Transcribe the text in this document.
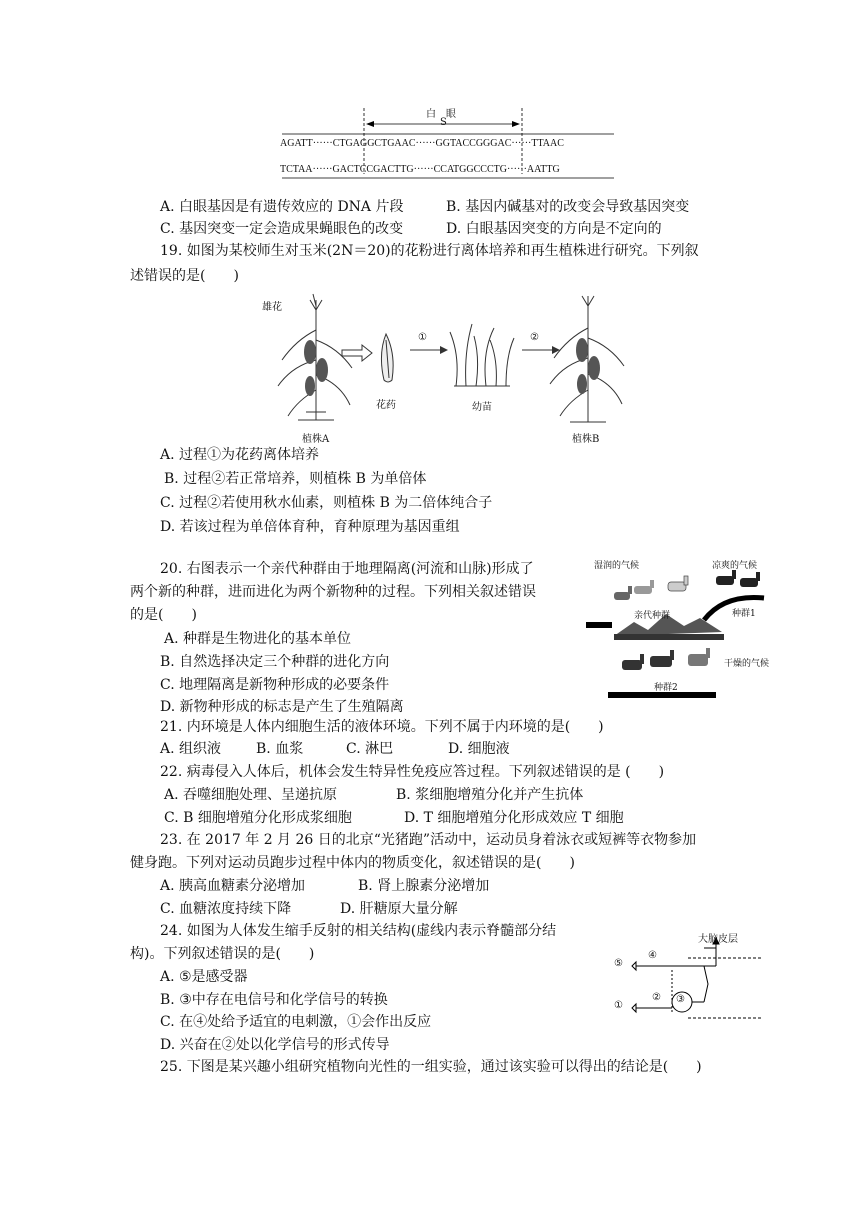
白　眼
S
AGATT······CTGAGGCTGAAC······GGTACCGGGAC······TTAAC
TCTAA······GACTCCGACTTG······CCATGGCCCTG······AATTG
A. 白眼基因是有遗传效应的 DNA 片段	B. 基因内碱基对的改变会导致基因突变
C. 基因突变一定会造成果蝇眼色的改变	D. 白眼基因突变的方向是不定向的
19. 如图为某校师生对玉米(2N＝20)的花粉进行离体培养和再生植株进行研究。下列叙
述错误的是(　　)
雄花
①	②
花药	幼苗
植株A	植株B
A. 过程①为花药离体培养
B. 过程②若正常培养，则植株 B 为单倍体
C. 过程②若使用秋水仙素，则植株 B 为二倍体纯合子
D. 若该过程为单倍体育种，育种原理为基因重组
20. 右图表示一个亲代种群由于地理隔离(河流和山脉)形成了
两个新的种群，进而进化为两个新物种的过程。下列相关叙述错误
的是(　　)
A. 种群是生物进化的基本单位
B. 自然选择决定三个种群的进化方向
C. 地理隔离是新物种形成的必要条件
D. 新物种形成的标志是产生了生殖隔离
湿润的气候	凉爽的气候
亲代种群	种群1
干燥的气候
种群2
21. 内环境是人体内细胞生活的液体环境。下列不属于内环境的是(　　)
A. 组织液 B. 血浆	C. 淋巴	D. 细胞液
22. 病毒侵入人体后，机体会发生特异性免疫应答过程。下列叙述错误的是 (　　)
A. 吞噬细胞处理、呈递抗原	B. 浆细胞增殖分化并产生抗体
C. B 细胞增殖分化形成浆细胞	D. T 细胞增殖分化形成效应 T 细胞
23. 在 2017 年 2 月 26 日的北京“光猪跑”活动中，运动员身着泳衣或短裤等衣物参加
健身跑。下列对运动员跑步过程中体内的物质变化，叙述错误的是(　　)
A. 胰高血糖素分泌增加	B. 肾上腺素分泌增加
C. 血糖浓度持续下降	D. 肝糖原大量分解
24. 如图为人体发生缩手反射的相关结构(虚线内表示脊髓部分结
构)。下列叙述错误的是(　　)
A. ⑤是感受器
B. ③中存在电信号和化学信号的转换
C. 在④处给予适宜的电刺激，①会作出反应
D. 兴奋在②处以化学信号的形式传导
大脑皮层
⑤
④
①
② ③
25. 下图是某兴趣小组研究植物向光性的一组实验，通过该实验可以得出的结论是(　　)
